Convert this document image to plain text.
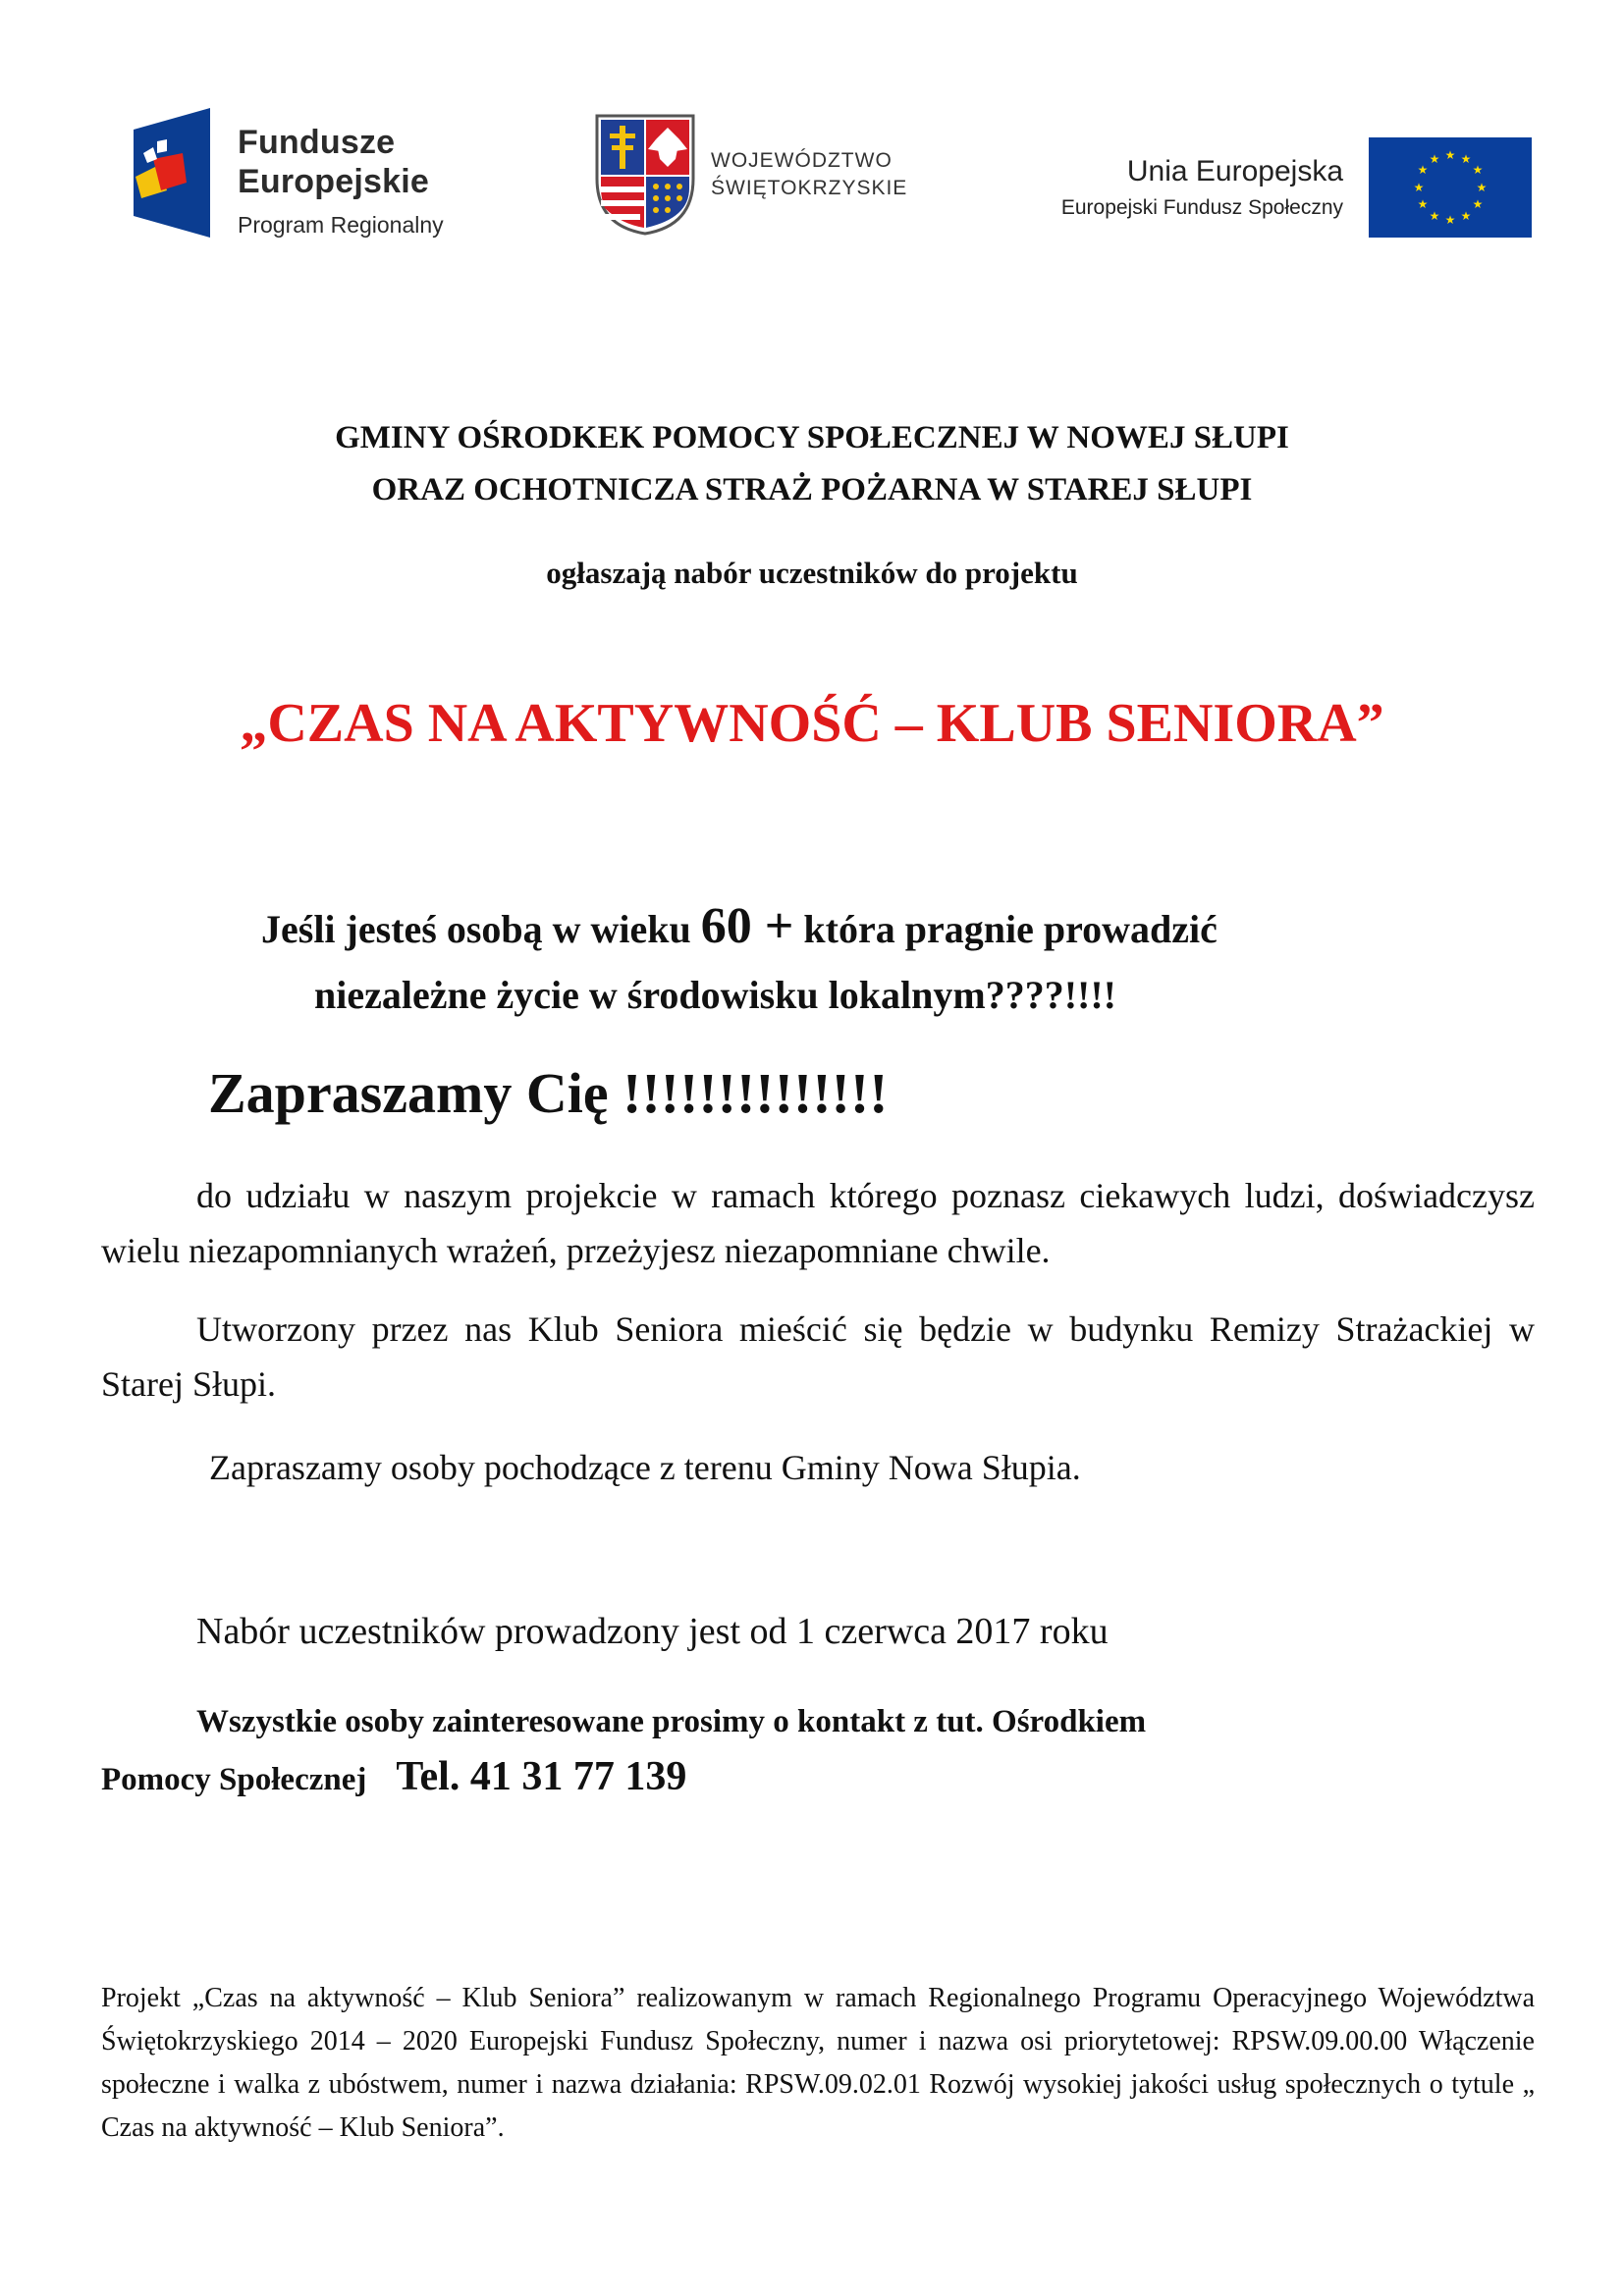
Fundusze
Europejskie
Program Regionalny
WOJEWÓDZTWO
ŚWIĘTOKRZYSKIE
Unia Europejska
Europejski Fundusz Społeczny
★ ★
★
★
★
★
★
★
★
★
★
★
GMINY OŚRODKEK POMOCY SPOŁECZNEJ W NOWEJ SŁUPI
ORAZ OCHOTNICZA STRAŻ POŻARNA W STAREJ SŁUPI
ogłaszają nabór uczestników do projektu
„CZAS NA AKTYWNOŚĆ – KLUB SENIORA”
Jeśli jesteś osobą w wieku 60 + która pragnie prowadzić
niezależne życie w środowisku lokalnym????!!!!
Zapraszamy Cię !!!!!!!!!!!!!!
do udziału w naszym projekcie w ramach którego poznasz ciekawych ludzi, doświadczysz wielu niezapomnianych wrażeń, przeżyjesz niezapomniane chwile.
Utworzony przez nas Klub Seniora mieścić się będzie w budynku Remizy Strażackiej w Starej Słupi.
Zapraszamy osoby pochodzące z terenu Gminy Nowa Słupia.
Nabór uczestników prowadzony jest od 1 czerwca 2017 roku
Wszystkie osoby zainteresowane prosimy o kontakt z tut. Ośrodkiem
Pomocy Społecznej Tel. 41 31 77 139
Projekt „Czas na aktywność – Klub Seniora” realizowanym w ramach Regionalnego Programu Operacyjnego Województwa Świętokrzyskiego 2014 – 2020 Europejski Fundusz Społeczny, numer i nazwa osi priorytetowej: RPSW.09.00.00 Włączenie społeczne i walka z ubóstwem, numer i nazwa działania: RPSW.09.02.01 Rozwój wysokiej jakości usług społecznych o tytule „ Czas na aktywność – Klub Seniora”.
